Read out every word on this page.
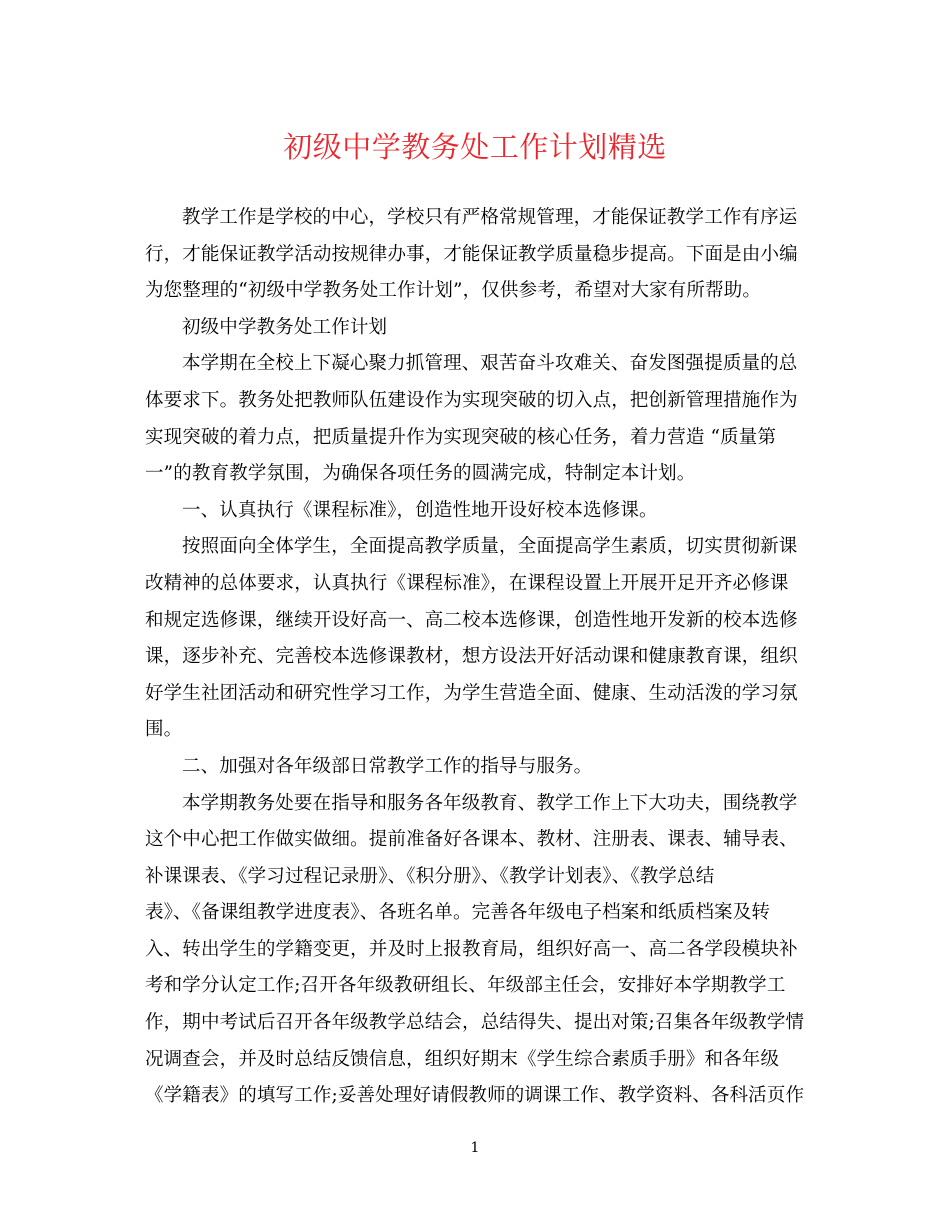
初级中学教务处工作计划精选
教学工作是学校的中心，学校只有严格常规管理，才能保证教学工作有序运
行，才能保证教学活动按规律办事，才能保证教学质量稳步提高。下面是由小编
为您整理的“初级中学教务处工作计划”，仅供参考，希望对大家有所帮助。
初级中学教务处工作计划
本学期在全校上下凝心聚力抓管理、艰苦奋斗攻难关、奋发图强提质量的总
体要求下。教务处把教师队伍建设作为实现突破的切入点，把创新管理措施作为
实现突破的着力点，把质量提升作为实现突破的核心任务，着力营造 “质量第
一”的教育教学氛围，为确保各项任务的圆满完成，特制定本计划。
一、认真执行《课程标准》，创造性地开设好校本选修课。
按照面向全体学生，全面提高教学质量，全面提高学生素质，切实贯彻新课
改精神的总体要求，认真执行《课程标准》，在课程设置上开展开足开齐必修课
和规定选修课，继续开设好高一、高二校本选修课，创造性地开发新的校本选修
课，逐步补充、完善校本选修课教材，想方设法开好活动课和健康教育课，组织
好学生社团活动和研究性学习工作，为学生营造全面、健康、生动活泼的学习氛
围。
二、加强对各年级部日常教学工作的指导与服务。
本学期教务处要在指导和服务各年级教育、教学工作上下大功夫，围绕教学
这个中心把工作做实做细。提前准备好各课本、教材、注册表、课表、辅导表、
补课课表、《学习过程记录册》、《积分册》、《教学计划表》、《教学总结
表》、《备课组教学进度表》、各班名单。完善各年级电子档案和纸质档案及转
入、转出学生的学籍变更，并及时上报教育局，组织好高一、高二各学段模块补
考和学分认定工作;召开各年级教研组长、年级部主任会，安排好本学期教学工
作，期中考试后召开各年级教学总结会，总结得失、提出对策;召集各年级教学情
况调查会，并及时总结反馈信息，组织好期末《学生综合素质手册》和各年级
《学籍表》的填写工作;妥善处理好请假教师的调课工作、教学资料、各科活页作
1
